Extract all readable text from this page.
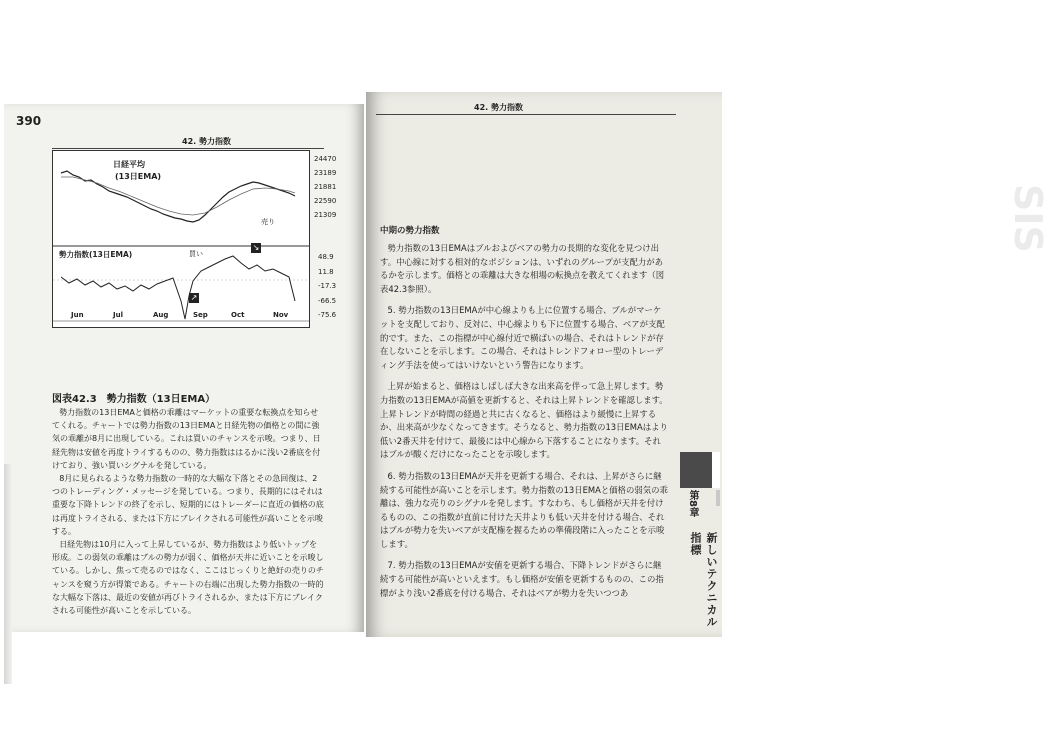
390
42. 勢力指数
日経平均
(13日EMA)
売り
勢力指数(13日EMA)	買い
↘
↗
Jun	Jul	Aug	Sep	Oct	Nov
24470
23189
21881
22590
21309
48.9
11.8
-17.3
-66.5
-75.6
図表42.3　勢力指数（13日EMA）

勢力指数の13日EMAと価格の乖離はマーケットの重要な転換点を知らせてくれる。チャートでは勢力指数の13日EMAと日経先物の価格との間に強気の乖離が8月に出現している。これは買いのチャンスを示唆。つまり、日経先物は安値を再度トライするものの、勢力指数ははるかに浅い2番底を付けており、強い買いシグナルを発している。

8月に見られるような勢力指数の一時的な大幅な下落とその急回復は、2つのトレーディング・メッセージを発している。つまり、長期的にはそれは重要な下降トレンドの終了を示し、短期的にはトレーダーに直近の価格の底は再度トライされる、または下方にブレイクされる可能性が高いことを示唆する。

日経先物は10月に入って上昇しているが、勢力指数はより低いトップを形成。この弱気の乖離はブルの勢力が弱く、価格が天井に近いことを示唆している。しかし、焦って売るのではなく、ここはじっくりと絶好の売りのチャンスを窺う方が得策である。チャートの右端に出現した勢力指数の一時的な大幅な下落は、最近の安値が再びトライされるか、または下方にブレイクされる可能性が高いことを示している。

SIS
42. 勢力指数
中期の勢力指数

勢力指数の13日EMAはブルおよびベアの勢力の長期的な変化を見つけ出す。中心線に対する相対的なポジションは、いずれのグループが支配力があるかを示します。価格との乖離は大きな相場の転換点を教えてくれます（図表42.3参照）。

5. 勢力指数の13日EMAが中心線よりも上に位置する場合、ブルがマーケットを支配しており、反対に、中心線よりも下に位置する場合、ベアが支配的です。また、この指標が中心線付近で横ばいの場合、それはトレンドが存在しないことを示します。この場合、それはトレンドフォロー型のトレーディング手法を使ってはいけないという警告になります。

上昇が始まると、価格はしばしば大きな出来高を伴って急上昇します。勢力指数の13日EMAが高値を更新すると、それは上昇トレンドを確認します。上昇トレンドが時間の経過と共に古くなると、価格はより緩慢に上昇するか、出来高が少なくなってきます。そうなると、勢力指数の13日EMAはより低い2番天井を付けて、最後には中心線から下落することになります。それはブルが酸くだけになったことを示唆します。

6. 勢力指数の13日EMAが天井を更新する場合、それは、上昇がさらに継続する可能性が高いことを示します。勢力指数の13日EMAと価格の弱気の乖離は、強力な売りのシグナルを発します。すなわち、もし価格が天井を付けるものの、この指数が直前に付けた天井よりも低い天井を付ける場合、それはブルが勢力を失いベアが支配権を握るための準備段階に入ったことを示唆します。

7. 勢力指数の13日EMAが安値を更新する場合、下降トレンドがさらに継続する可能性が高いといえます。もし価格が安値を更新するものの、この指標がより浅い2番底を付ける場合、それはベアが勢力を失いつつあ

第8章
新しいテクニカル指標
